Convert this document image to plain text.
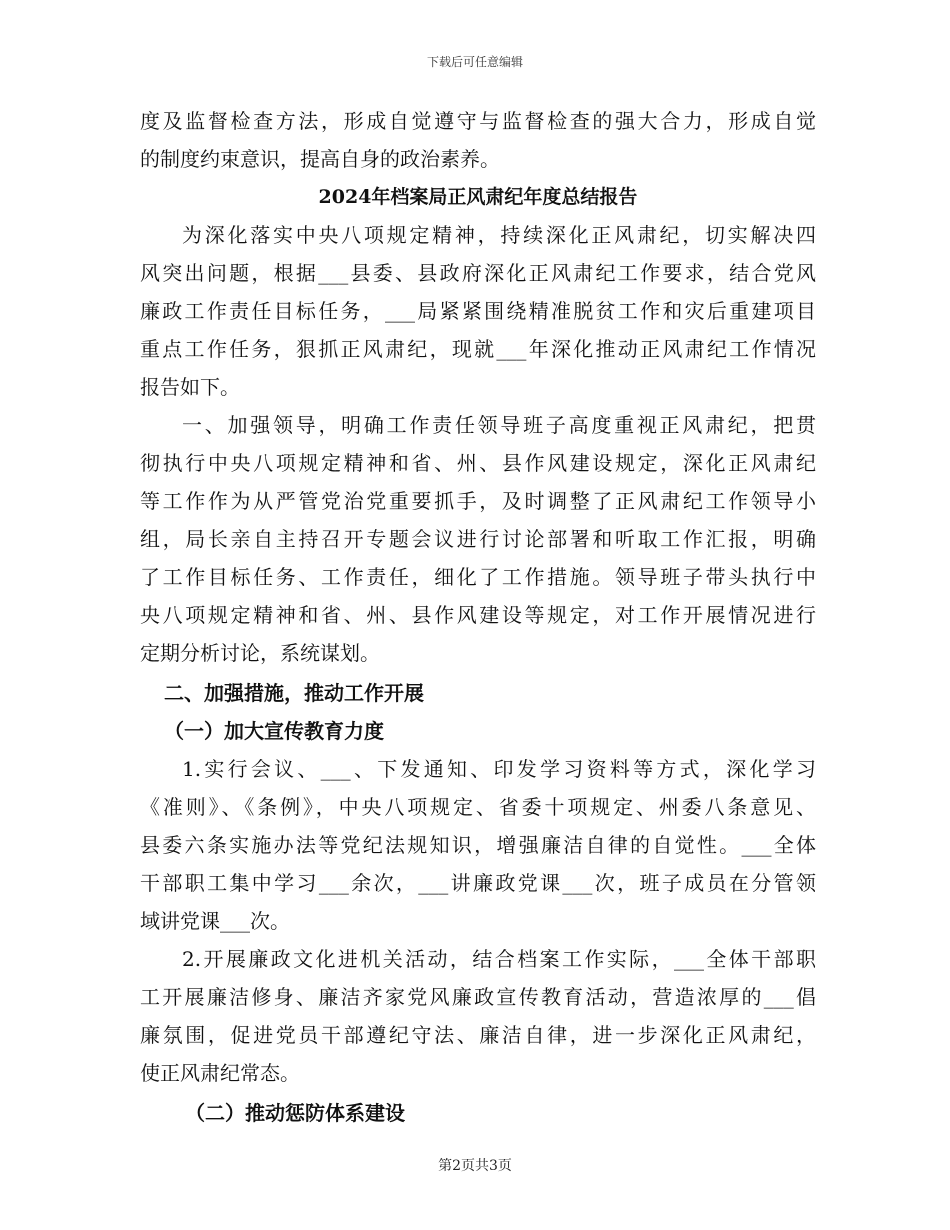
下载后可任意编辑
度及监督检查方法，形成自觉遵守与监督检查的强大合力，形成自觉
的制度约束意识，提高自身的政治素养。
2024年档案局正风肃纪年度总结报告
为深化落实中央八项规定精神，持续深化正风肃纪，切实解决四
风突出问题，根据___县委、县政府深化正风肃纪工作要求，结合党风
廉政工作责任目标任务，___局紧紧围绕精准脱贫工作和灾后重建项目
重点工作任务，狠抓正风肃纪，现就___年深化推动正风肃纪工作情况
报告如下。
一、加强领导，明确工作责任领导班子高度重视正风肃纪，把贯
彻执行中央八项规定精神和省、州、县作风建设规定，深化正风肃纪
等工作作为从严管党治党重要抓手，及时调整了正风肃纪工作领导小
组，局长亲自主持召开专题会议进行讨论部署和听取工作汇报，明确
了工作目标任务、工作责任，细化了工作措施。领导班子带头执行中
央八项规定精神和省、州、县作风建设等规定，对工作开展情况进行
定期分析讨论，系统谋划。
二、加强措施，推动工作开展
（一）加大宣传教育力度
1.实行会议、___、下发通知、印发学习资料等方式，深化学习
《准则》、《条例》，中央八项规定、省委十项规定、州委八条意见、
县委六条实施办法等党纪法规知识，增强廉洁自律的自觉性。___全体
干部职工集中学习___余次，___讲廉政党课___次，班子成员在分管领
域讲党课___次。
2.开展廉政文化进机关活动，结合档案工作实际，___全体干部职
工开展廉洁修身、廉洁齐家党风廉政宣传教育活动，营造浓厚的___倡
廉氛围，促进党员干部遵纪守法、廉洁自律，进一步深化正风肃纪，
使正风肃纪常态。
（二）推动惩防体系建设
第2页共3页
